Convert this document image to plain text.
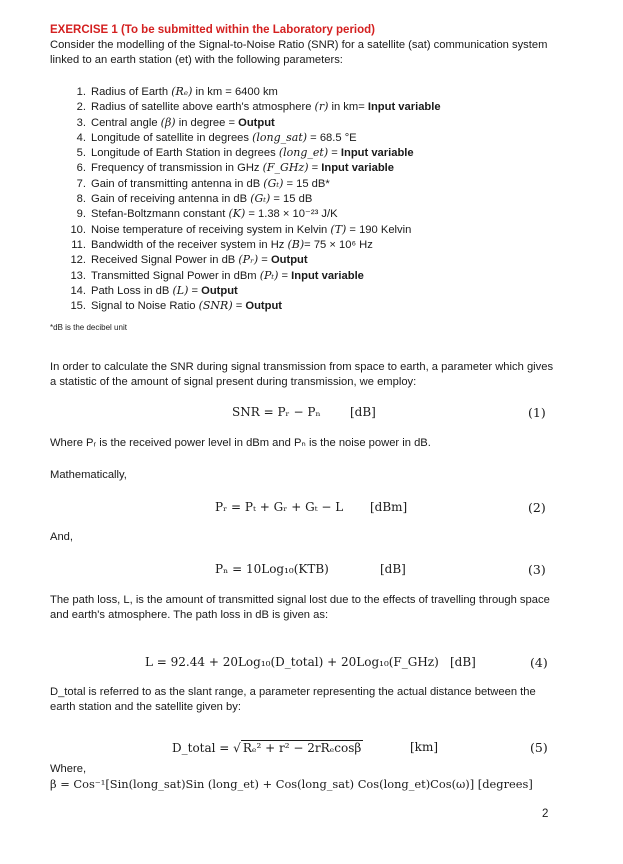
EXERCISE 1 (To be submitted within the Laboratory period)
Consider the modelling of the Signal-to-Noise Ratio (SNR) for a satellite (sat) communication system linked to an earth station (et) with the following parameters:
1. Radius of Earth (Rₑ) in km = 6400 km
2. Radius of satellite above earth's atmosphere (r) in km= Input variable
3. Central angle (β) in degree = Output
4. Longitude of satellite in degrees (long_sat) = 68.5 °E
5. Longitude of Earth Station in degrees (long_et) = Input variable
6. Frequency of transmission in GHz (F_GHz) = Input variable
7. Gain of transmitting antenna in dB (Gₜ) = 15 dB*
8. Gain of receiving antenna in dB (Gₜ) = 15 dB
9. Stefan-Boltzmann constant (K) = 1.38 × 10⁻²³ J/K
10. Noise temperature of receiving system in Kelvin (T) = 190 Kelvin
11. Bandwidth of the receiver system in Hz (B)= 75 × 10⁶ Hz
12. Received Signal Power in dB (Pᵣ) = Output
13. Transmitted Signal Power in dBm (Pₜ) = Input variable
14. Path Loss in dB (L) = Output
15. Signal to Noise Ratio (SNR) = Output
*dB is the decibel unit
In order to calculate the SNR during signal transmission from space to earth, a parameter which gives a statistic of the amount of signal present during transmission, we employ:
SNR = Pᵣ − Pₙ [dB]	(1)
Where Pᵣ is the received power level in dBm and Pₙ is the noise power in dB.
Mathematically,
Pᵣ = Pₜ + Gᵣ + Gₜ − L [dBm]	(2)
And,
Pₙ = 10Log₁₀(KTB)	[dB]	(3)
The path loss, L, is the amount of transmitted signal lost due to the effects of travelling through space and earth's atmosphere. The path loss in dB is given as:
L = 92.44 + 20Log₁₀(D_total) + 20Log₁₀(F_GHz) [dB]	(4)
D_total is referred to as the slant range, a parameter representing the actual distance between the earth station and the satellite given by:
D_total = √ Rₑ² + r² − 2rRₑcosβ	[km]	(5)
Where,
β = Cos⁻¹[Sin(long_sat)Sin (long_et) + Cos(long_sat) Cos(long_et)Cos(ω)] [degrees]
2
